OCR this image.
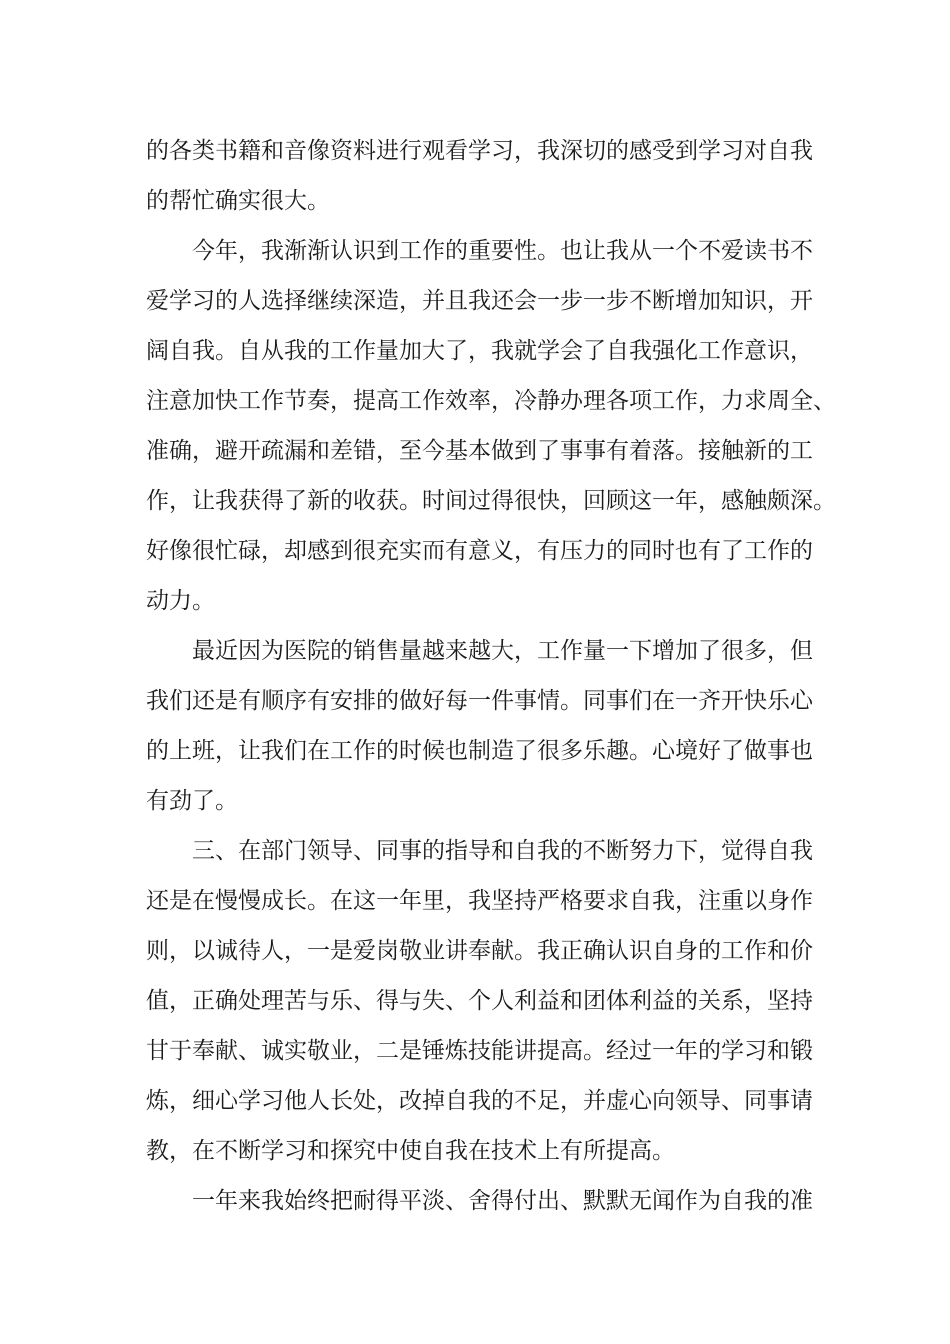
的各类书籍和音像资料进行观看学习，我深切的感受到学习对自我
的帮忙确实很大。
今年，我渐渐认识到工作的重要性。也让我从一个不爱读书不
爱学习的人选择继续深造，并且我还会一步一步不断增加知识，开
阔自我。自从我的工作量加大了，我就学会了自我强化工作意识，
注意加快工作节奏，提高工作效率，冷静办理各项工作，力求周全、
准确，避开疏漏和差错，至今基本做到了事事有着落。接触新的工
作，让我获得了新的收获。时间过得很快，回顾这一年，感触颇深。
好像很忙碌，却感到很充实而有意义，有压力的同时也有了工作的
动力。
最近因为医院的销售量越来越大，工作量一下增加了很多，但
我们还是有顺序有安排的做好每一件事情。同事们在一齐开快乐心
的上班，让我们在工作的时候也制造了很多乐趣。心境好了做事也
有劲了。
三、在部门领导、同事的指导和自我的不断努力下，觉得自我
还是在慢慢成长。在这一年里，我坚持严格要求自我，注重以身作
则，以诚待人，一是爱岗敬业讲奉献。我正确认识自身的工作和价
值，正确处理苦与乐、得与失、个人利益和团体利益的关系，坚持
甘于奉献、诚实敬业，二是锤炼技能讲提高。经过一年的学习和锻
炼，细心学习他人长处，改掉自我的不足，并虚心向领导、同事请
教，在不断学习和探究中使自我在技术上有所提高。
一年来我始终把耐得平淡、舍得付出、默默无闻作为自我的准
